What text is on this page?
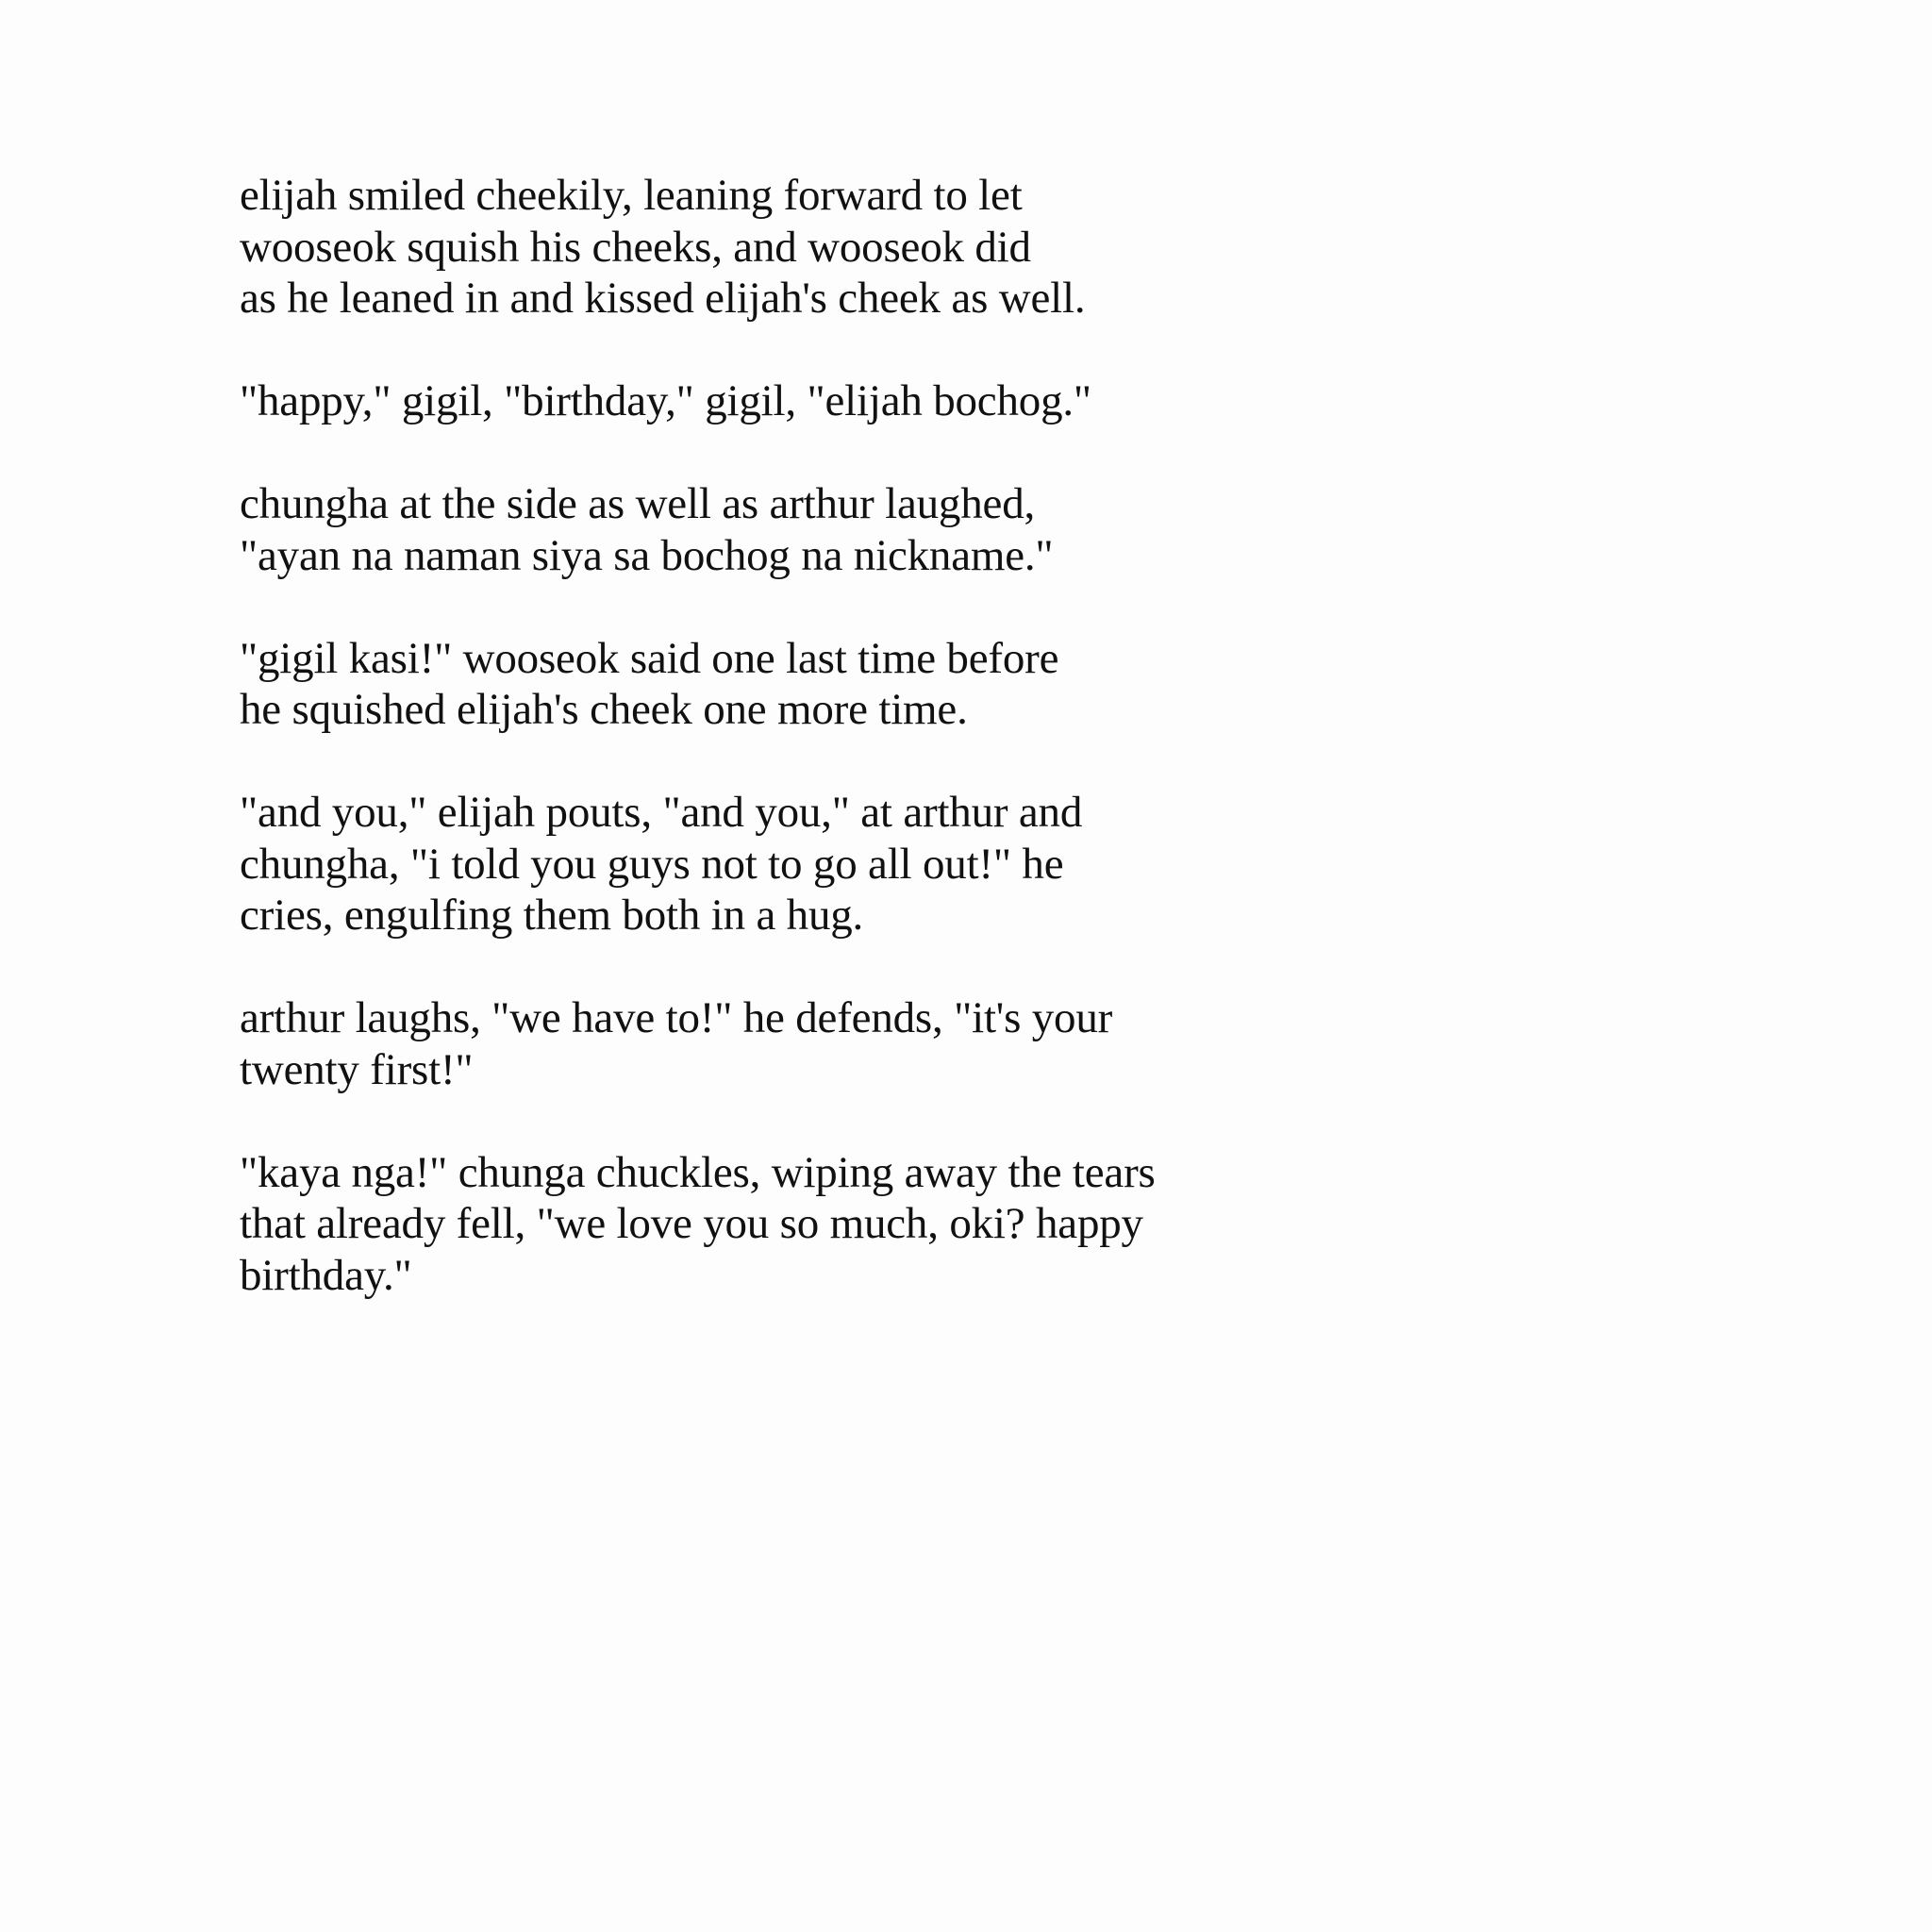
elijah smiled cheekily, leaning forward to let
wooseok squish his cheeks, and wooseok did
as he leaned in and kissed elijah's cheek as well.

"happy," gigil, "birthday," gigil, "elijah bochog."

chungha at the side as well as arthur laughed,
"ayan na naman siya sa bochog na nickname."

"gigil kasi!" wooseok said one last time before
he squished elijah's cheek one more time.

"and you," elijah pouts, "and you," at arthur and
chungha, "i told you guys not to go all out!" he
cries, engulfing them both in a hug.

arthur laughs, "we have to!" he defends, "it's your
twenty first!"

"kaya nga!" chunga chuckles, wiping away the tears
that already fell, "we love you so much, oki? happy
birthday."
